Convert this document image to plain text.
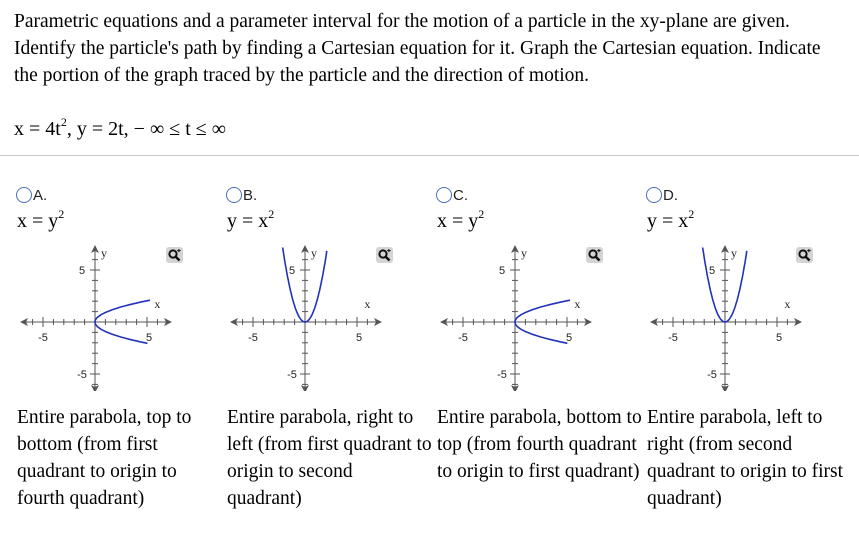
Parametric equations and a parameter interval for the motion of a particle in the xy-plane are given. Identify the particle's path by finding a Cartesian equation for it. Graph the Cartesian equation. Indicate the portion of the graph traced by the particle and the direction of motion.
$x = 4t^2$, y = 2t, − ∞ ≤ t ≤ ∞
A.
$x = y^2$
-5	5
5
-5
x
y
Entire parabola, top to bottom (from first quadrant to origin to fourth quadrant)
B.
$y = x^2$
-5	5
5
-5
x
y
Entire parabola, right to left (from first quadrant to origin to second quadrant)
C.
$x = y^2$
-5	5
5
-5
x
y
Entire parabola, bottom to top (from fourth quadrant to origin to first quadrant)
D.
$y = x^2$
-5	5
5
-5
x
y
Entire parabola, left to right (from second quadrant to origin to first quadrant)
